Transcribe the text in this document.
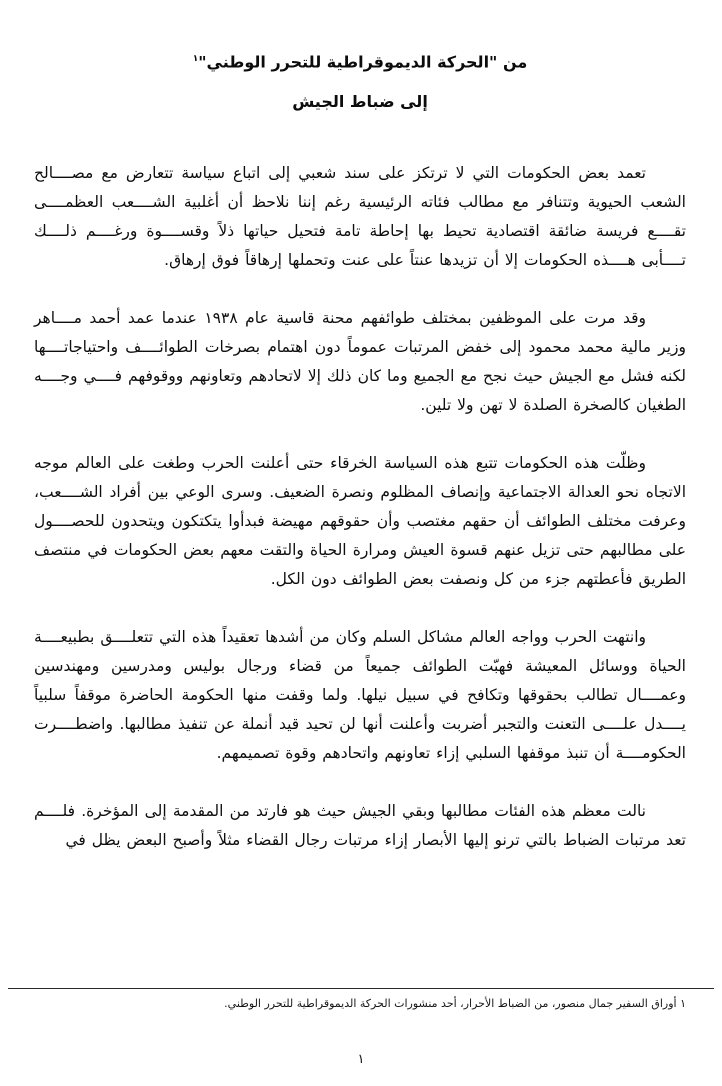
من "الحركة الديموقراطية للتحرر الوطني"$^١$
إلى ضباط الجيش

تعمد بعض الحكومات التي لا ترتكز على سند شعبي إلى اتباع سياسة تتعارض مع مصــــالح الشعب الحيوية وتتنافر مع مطالب فئاته الرئيسية رغم إننا نلاحظ أن أغلبية الشــــعب العظمــــى تقــــع فريسة ضائقة اقتصادية تحيط بها إحاطة تامة فتحيل حياتها ذلاً وقســــوة ورغــــم ذلــــك تــــأبى هــــذه الحكومات إلا أن تزيدها عنتاً على عنت وتحملها إرهاقاً فوق إرهاق.

وقد مرت على الموظفين بمختلف طوائفهم محنة قاسية عام ١٩٣٨ عندما عمد أحمد مــــاهر وزير مالية محمد محمود إلى خفض المرتبات عموماً دون اهتمام بصرخات الطوائــــف واحتياجاتــــها لكنه فشل مع الجيش حيث نجح مع الجميع وما كان ذلك إلا لاتحادهم وتعاونهم ووقوفهم فــــي وجــــه الطغيان كالصخرة الصلدة لا تهن ولا تلين.

وظلّت هذه الحكومات تتبع هذه السياسة الخرقاء حتى أعلنت الحرب وطغت على العالم موجه الاتجاه نحو العدالة الاجتماعية وإنصاف المظلوم ونصرة الضعيف. وسرى الوعي بين أفراد الشــــعب، وعرفت مختلف الطوائف أن حقهم مغتصب وأن حقوقهم مهيضة فبدأوا يتكتكون ويتحدون للحصــــول على مطالبهم حتى تزيل عنهم قسوة العيش ومرارة الحياة والتقت معهم بعض الحكومات في منتصف الطريق فأعطتهم جزء من كل ونصفت بعض الطوائف دون الكل.

وانتهت الحرب وواجه العالم مشاكل السلم وكان من أشدها تعقيداً هذه التي تتعلــــق بطبيعــــة الحياة ووسائل المعيشة فهبّت الطوائف جميعاً من قضاء ورجال بوليس ومدرسين ومهندسين وعمــــال تطالب بحقوقها وتكافح في سبيل نيلها. ولما وقفت منها الحكومة الحاضرة موقفاً سلبياً يــــدل علــــى التعنت والتجبر أضربت وأعلنت أنها لن تحيد قيد أنملة عن تنفيذ مطالبها. واضطــــرت الحكومــــة أن تنبذ موقفها السلبي إزاء تعاونهم واتحادهم وقوة تصميمهم.

نالت معظم هذه الفئات مطالبها وبقي الجيش حيث هو فارتد من المقدمة إلى المؤخرة. فلــــم تعد مرتبات الضباط بالتي ترنو إليها الأبصار إزاء مرتبات رجال القضاء مثلاً وأصبح البعض يظل في

١ أوراق السفير جمال منصور، من الضباط الأحرار، أحد منشورات الحركة الديموقراطية للتحرر الوطني.
١
